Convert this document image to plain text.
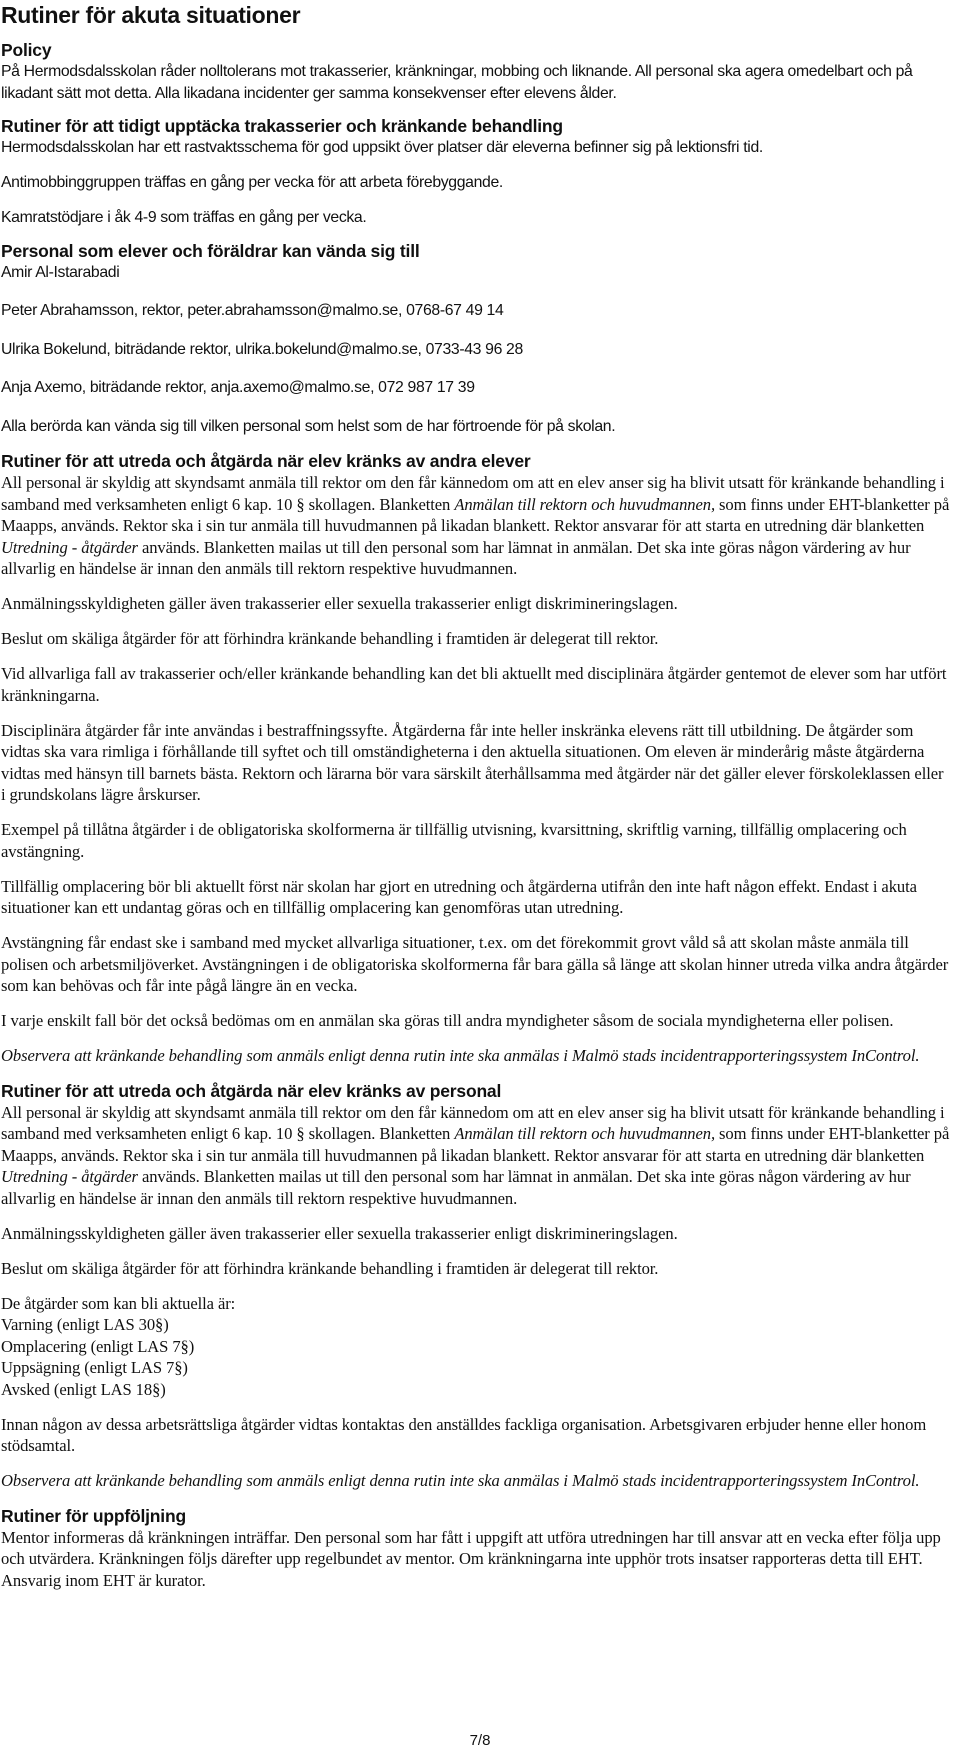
Rutiner för akuta situationer
Policy

På Hermodsdalsskolan råder nolltolerans mot trakasserier, kränkningar, mobbing och liknande. All personal ska agera omedelbart och på likadant sätt mot detta. Alla likadana incidenter ger samma konsekvenser efter elevens ålder.

Rutiner för att tidigt upptäcka trakasserier och kränkande behandling

Hermodsdalsskolan har ett rastvaktsschema för god uppsikt över platser där eleverna befinner sig på lektionsfri tid.

Antimobbinggruppen träffas en gång per vecka för att arbeta förebyggande.

Kamratstödjare i åk 4-9 som träffas en gång per vecka.

Personal som elever och föräldrar kan vända sig till

Amir Al-Istarabadi

Peter Abrahamsson, rektor, peter.abrahamsson@malmo.se, 0768-67 49 14

Ulrika Bokelund, biträdande rektor, ulrika.bokelund@malmo.se, 0733-43 96 28

Anja Axemo, biträdande rektor, anja.axemo@malmo.se, 072 987 17 39

Alla berörda kan vända sig till vilken personal som helst som de har förtroende för på skolan.

Rutiner för att utreda och åtgärda när elev kränks av andra elever

All personal är skyldig att skyndsamt anmäla till rektor om den får kännedom om att en elev anser sig ha blivit utsatt för kränkande behandling i samband med verksamheten enligt 6 kap. 10 § skollagen. Blanketten Anmälan till rektorn och huvudmannen, som finns under EHT-blanketter på Maapps, används. Rektor ska i sin tur anmäla till huvudmannen på likadan blankett. Rektor ansvarar för att starta en utredning där blanketten Utredning - åtgärder används. Blanketten mailas ut till den personal som har lämnat in anmälan. Det ska inte göras någon värdering av hur allvarlig en händelse är innan den anmäls till rektorn respektive huvudmannen.

Anmälningsskyldigheten gäller även trakasserier eller sexuella trakasserier enligt diskrimineringslagen.

Beslut om skäliga åtgärder för att förhindra kränkande behandling i framtiden är delegerat till rektor.

Vid allvarliga fall av trakasserier och/eller kränkande behandling kan det bli aktuellt med disciplinära åtgärder gentemot de elever som har utfört kränkningarna.

Disciplinära åtgärder får inte användas i bestraffningssyfte. Åtgärderna får inte heller inskränka elevens rätt till utbildning. De åtgärder som vidtas ska vara rimliga i förhållande till syftet och till omständigheterna i den aktuella situationen. Om eleven är minderårig måste åtgärderna vidtas med hänsyn till barnets bästa. Rektorn och lärarna bör vara särskilt återhållsamma med åtgärder när det gäller elever förskoleklassen eller i grundskolans lägre årskurser.

Exempel på tillåtna åtgärder i de obligatoriska skolformerna är tillfällig utvisning, kvarsittning, skriftlig varning, tillfällig omplacering och avstängning.

Tillfällig omplacering bör bli aktuellt först när skolan har gjort en utredning och åtgärderna utifrån den inte haft någon effekt. Endast i akuta situationer kan ett undantag göras och en tillfällig omplacering kan genomföras utan utredning.

Avstängning får endast ske i samband med mycket allvarliga situationer, t.ex. om det förekommit grovt våld så att skolan måste anmäla till polisen och arbetsmiljöverket. Avstängningen i de obligatoriska skolformerna får bara gälla så länge att skolan hinner utreda vilka andra åtgärder som kan behövas och får inte pågå längre än en vecka.

I varje enskilt fall bör det också bedömas om en anmälan ska göras till andra myndigheter såsom de sociala myndigheterna eller polisen.

Observera att kränkande behandling som anmäls enligt denna rutin inte ska anmälas i Malmö stads incidentrapporteringssystem InControl.

Rutiner för att utreda och åtgärda när elev kränks av personal

All personal är skyldig att skyndsamt anmäla till rektor om den får kännedom om att en elev anser sig ha blivit utsatt för kränkande behandling i samband med verksamheten enligt 6 kap. 10 § skollagen. Blanketten Anmälan till rektorn och huvudmannen, som finns under EHT-blanketter på Maapps, används. Rektor ska i sin tur anmäla till huvudmannen på likadan blankett. Rektor ansvarar för att starta en utredning där blanketten Utredning - åtgärder används. Blanketten mailas ut till den personal som har lämnat in anmälan. Det ska inte göras någon värdering av hur allvarlig en händelse är innan den anmäls till rektorn respektive huvudmannen.

Anmälningsskyldigheten gäller även trakasserier eller sexuella trakasserier enligt diskrimineringslagen.

Beslut om skäliga åtgärder för att förhindra kränkande behandling i framtiden är delegerat till rektor.

De åtgärder som kan bli aktuella är:
Varning (enligt LAS 30§)
Omplacering (enligt LAS 7§)
Uppsägning (enligt LAS 7§)
Avsked (enligt LAS 18§)

Innan någon av dessa arbetsrättsliga åtgärder vidtas kontaktas den anställdes fackliga organisation. Arbetsgivaren erbjuder henne eller honom stödsamtal.

Observera att kränkande behandling som anmäls enligt denna rutin inte ska anmälas i Malmö stads incidentrapporteringssystem InControl.

Rutiner för uppföljning

Mentor informeras då kränkningen inträffar. Den personal som har fått i uppgift att utföra utredningen har till ansvar att en vecka efter följa upp och utvärdera. Kränkningen följs därefter upp regelbundet av mentor. Om kränkningarna inte upphör trots insatser rapporteras detta till EHT. Ansvarig inom EHT är kurator.

7/8
